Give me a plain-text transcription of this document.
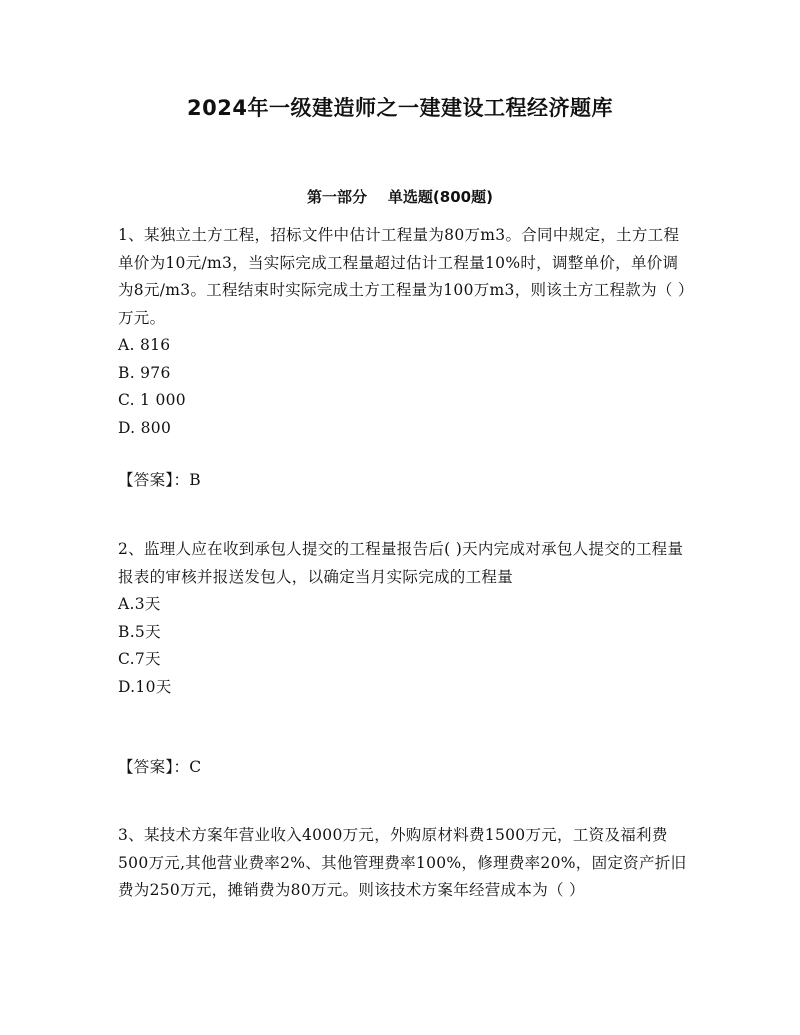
2024年一级建造师之一建建设工程经济题库
第一部分    单选题(800题)

1、某独立土方工程，招标文件中估计工程量为80万m3。合同中规定，土方工程单价为10元/m3，当实际完成工程量超过估计工程量10%时，调整单价，单价调为8元/m3。工程结束时实际完成土方工程量为100万m3，则该土方工程款为（ ）万元。

A. 816

B. 976

C. 1 000

D. 800

【答案】：B

2、监理人应在收到承包人提交的工程量报告后( )天内完成对承包人提交的工程量报表的审核并报送发包人，以确定当月实际完成的工程量

A.3天

B.5天

C.7天

D.10天

【答案】：C

3、某技术方案年营业收入4000万元，外购原材料费1500万元，工资及福利费500万元,其他营业费率2%、其他管理费率100%，修理费率20%，固定资产折旧费为250万元，摊销费为80万元。则该技术方案年经营成本为（ ）
